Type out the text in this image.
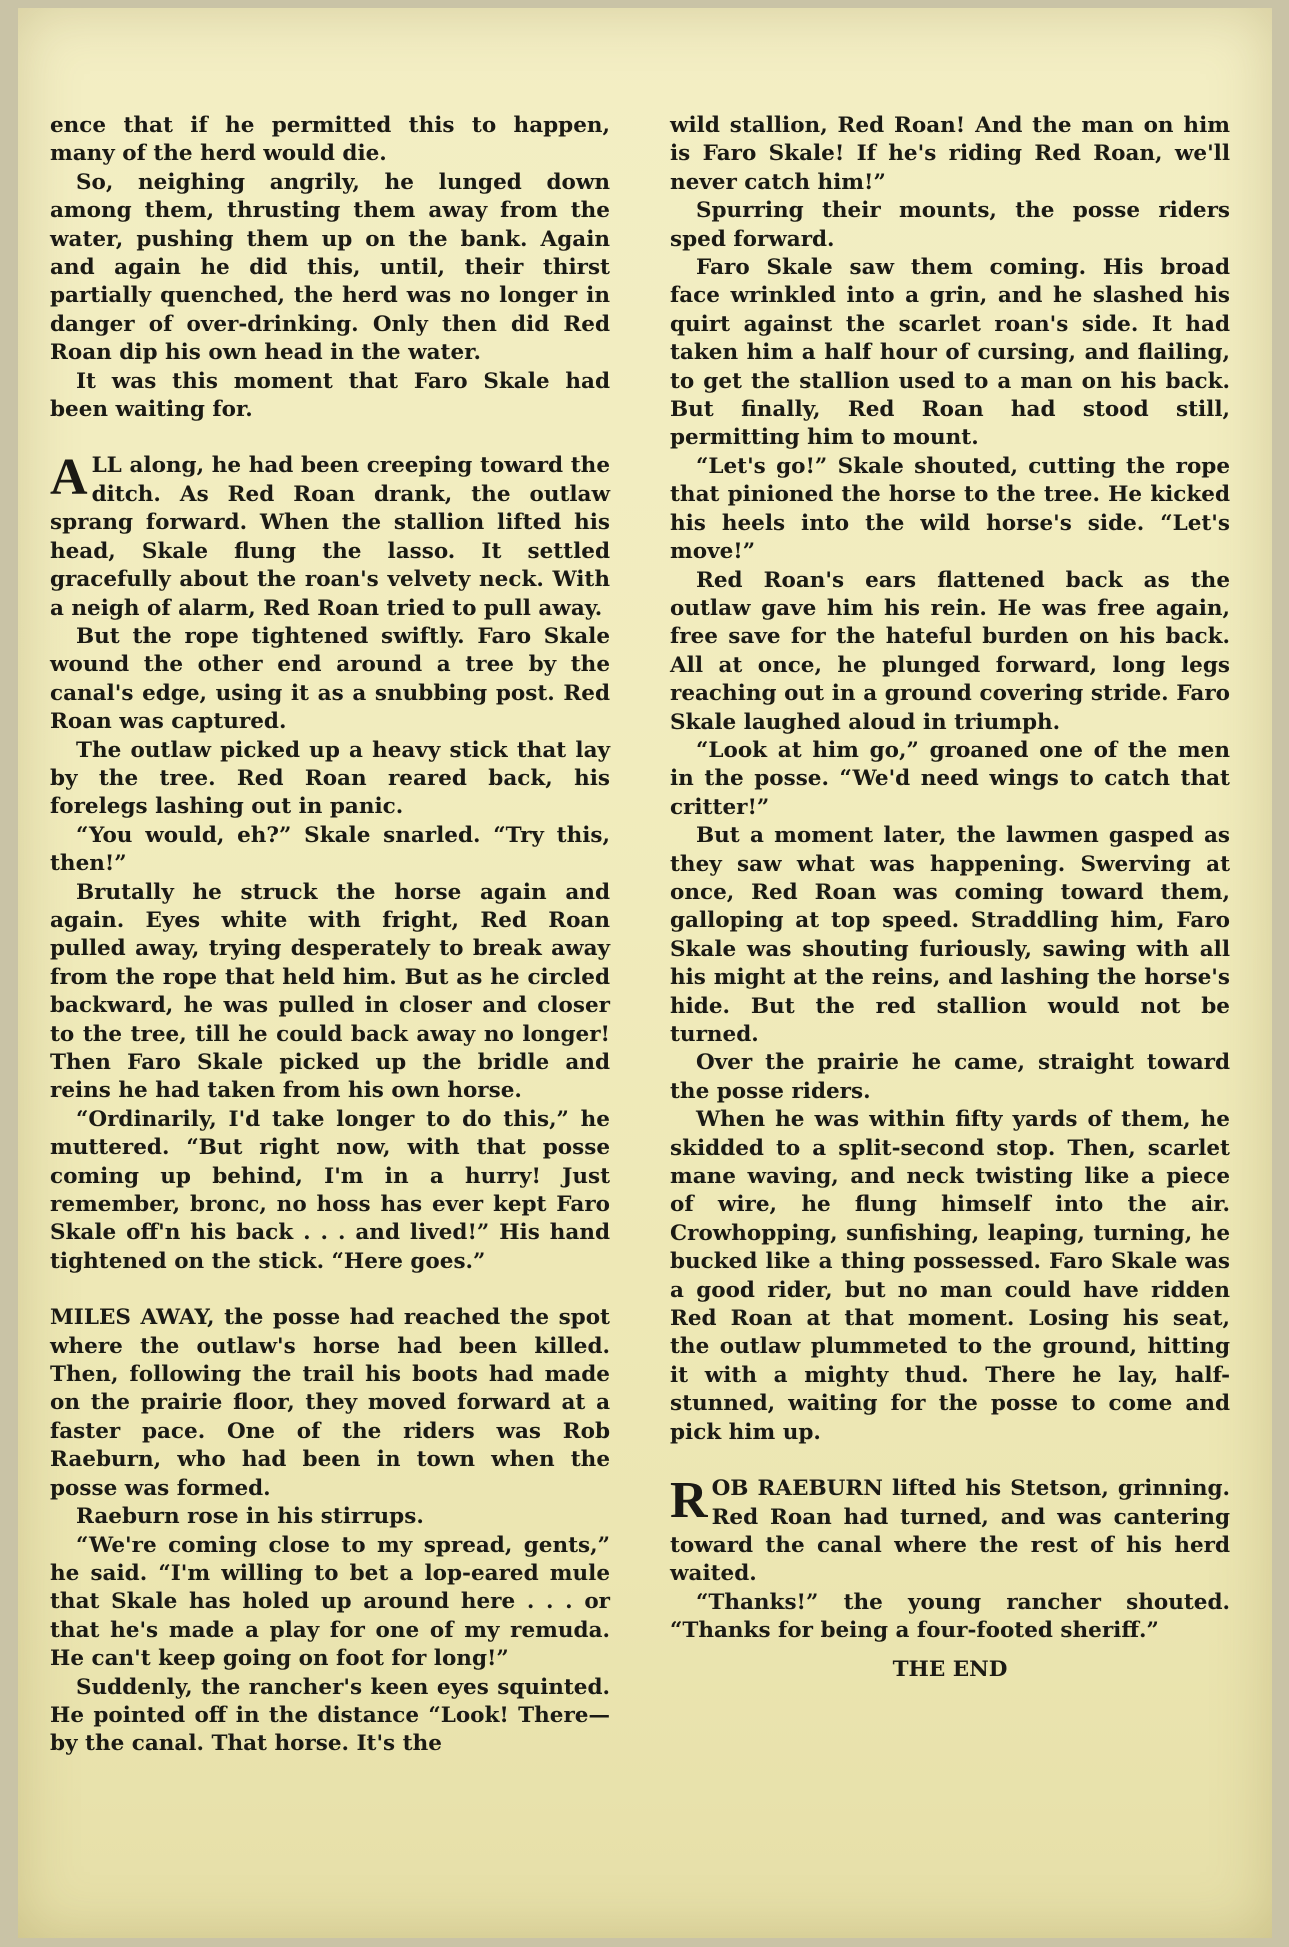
ence that if he permitted this to happen, many of the herd would die.

So, neighing angrily, he lunged down among them, thrusting them away from the water, pushing them up on the bank. Again and again he did this, until, their thirst partially quenched, the herd was no longer in danger of over-drinking. Only then did Red Roan dip his own head in the water.

It was this moment that Faro Skale had been waiting for.

ALL along, he had been creeping toward the ditch. As Red Roan drank, the outlaw sprang forward. When the stallion lifted his head, Skale flung the lasso. It settled gracefully about the roan's velvety neck. With a neigh of alarm, Red Roan tried to pull away.

But the rope tightened swiftly. Faro Skale wound the other end around a tree by the canal's edge, using it as a snubbing post. Red Roan was captured.

The outlaw picked up a heavy stick that lay by the tree. Red Roan reared back, his forelegs lashing out in panic.

“You would, eh?” Skale snarled. “Try this, then!”

Brutally he struck the horse again and again. Eyes white with fright, Red Roan pulled away, trying desperately to break away from the rope that held him. But as he circled backward, he was pulled in closer and closer to the tree, till he could back away no longer! Then Faro Skale picked up the bridle and reins he had taken from his own horse.

“Ordinarily, I'd take longer to do this,” he muttered. “But right now, with that posse coming up behind, I'm in a hurry! Just remember, bronc, no hoss has ever kept Faro Skale off'n his back . . . and lived!” His hand tightened on the stick. “Here goes.”

MILES AWAY, the posse had reached the spot where the outlaw's horse had been killed. Then, following the trail his boots had made on the prairie floor, they moved forward at a faster pace. One of the riders was Rob Raeburn, who had been in town when the posse was formed.

Raeburn rose in his stirrups.

“We're coming close to my spread, gents,” he said. “I'm willing to bet a lop-eared mule that Skale has holed up around here . . . or that he's made a play for one of my remuda. He can't keep going on foot for long!”

Suddenly, the rancher's keen eyes squinted. He pointed off in the distance “Look! There—by the canal. That horse. It's the

wild stallion, Red Roan! And the man on him is Faro Skale! If he's riding Red Roan, we'll never catch him!”

Spurring their mounts, the posse riders sped forward.

Faro Skale saw them coming. His broad face wrinkled into a grin, and he slashed his quirt against the scarlet roan's side. It had taken him a half hour of cursing, and flailing, to get the stallion used to a man on his back. But finally, Red Roan had stood still, permitting him to mount.

“Let's go!” Skale shouted, cutting the rope that pinioned the horse to the tree. He kicked his heels into the wild horse's side. “Let's move!”

Red Roan's ears flattened back as the outlaw gave him his rein. He was free again, free save for the hateful burden on his back. All at once, he plunged forward, long legs reaching out in a ground covering stride. Faro Skale laughed aloud in triumph.

“Look at him go,” groaned one of the men in the posse. “We'd need wings to catch that critter!”

But a moment later, the lawmen gasped as they saw what was happening. Swerving at once, Red Roan was coming toward them, galloping at top speed. Straddling him, Faro Skale was shouting furiously, sawing with all his might at the reins, and lashing the horse's hide. But the red stallion would not be turned.

Over the prairie he came, straight toward the posse riders.

When he was within fifty yards of them, he skidded to a split-second stop. Then, scarlet mane waving, and neck twisting like a piece of wire, he flung himself into the air. Crowhopping, sunfishing, leaping, turning, he bucked like a thing possessed. Faro Skale was a good rider, but no man could have ridden Red Roan at that moment. Losing his seat, the outlaw plummeted to the ground, hitting it with a mighty thud. There he lay, half-stunned, waiting for the posse to come and pick him up.

ROB RAEBURN lifted his Stetson, grinning. Red Roan had turned, and was cantering toward the canal where the rest of his herd waited.

“Thanks!” the young rancher shouted. “Thanks for being a four-footed sheriff.”

THE END
